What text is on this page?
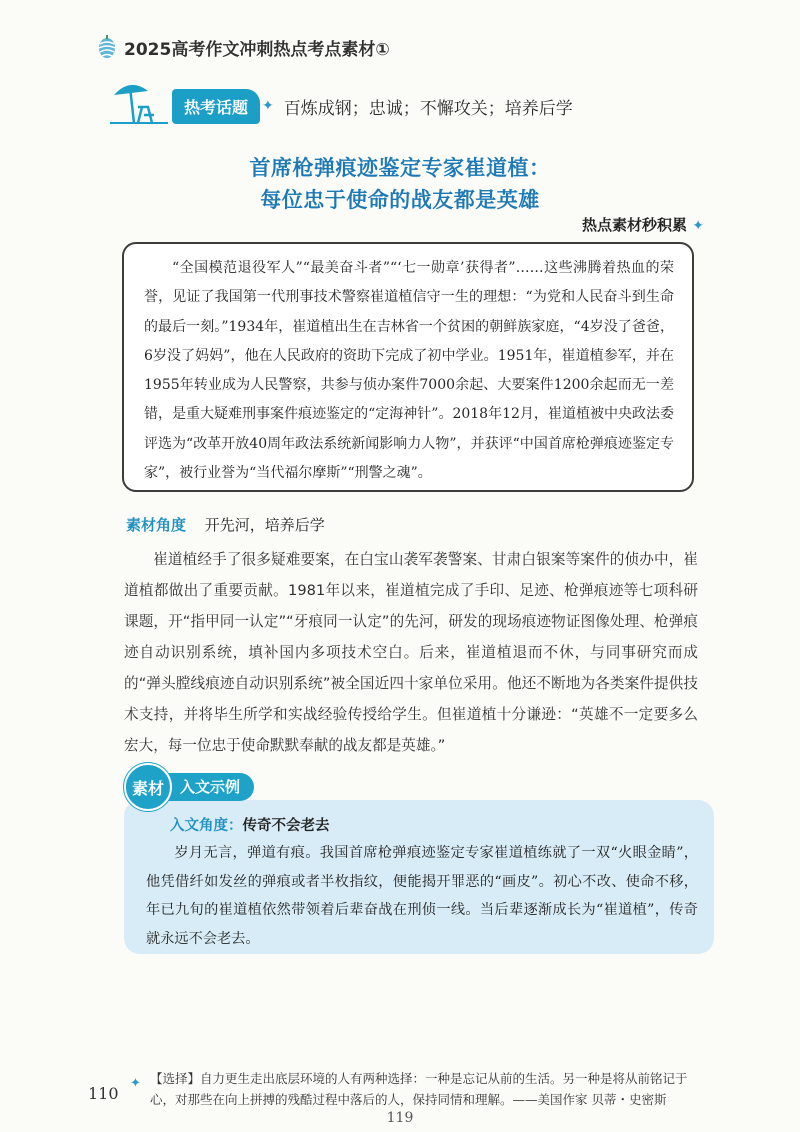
2025高考作文冲刺热点考点素材①
热考话题	✦ 百炼成钢；忠诚；不懈攻关；培养后学
首席枪弹痕迹鉴定专家崔道植：
每位忠于使命的战友都是英雄
热点素材秒积累 ✦

“全国模范退役军人”“最美奋斗者”“‘七一勋章’获得者”……这些沸腾着热血的荣誉，见证了我国第一代刑事技术警察崔道植信守一生的理想：“为党和人民奋斗到生命的最后一刻。”1934年，崔道植出生在吉林省一个贫困的朝鲜族家庭，“4岁没了爸爸，6岁没了妈妈”，他在人民政府的资助下完成了初中学业。1951年，崔道植参军，并在1955年转业成为人民警察，共参与侦办案件7000余起、大要案件1200余起而无一差错，是重大疑难刑事案件痕迹鉴定的“定海神针”。2018年12月，崔道植被中央政法委评选为“改革开放40周年政法系统新闻影响力人物”，并获评“中国首席枪弹痕迹鉴定专家”，被行业誉为“当代福尔摩斯”“刑警之魂”。

素材角度 开先河，培养后学

崔道植经手了很多疑难要案，在白宝山袭军袭警案、甘肃白银案等案件的侦办中，崔道植都做出了重要贡献。1981年以来，崔道植完成了手印、足迹、枪弹痕迹等七项科研课题，开“指甲同一认定”“牙痕同一认定”的先河，研发的现场痕迹物证图像处理、枪弹痕迹自动识别系统，填补国内多项技术空白。后来，崔道植退而不休，与同事研究而成的“弹头膛线痕迹自动识别系统”被全国近四十家单位采用。他还不断地为各类案件提供技术支持，并将毕生所学和实战经验传授给学生。但崔道植十分谦逊：“英雄不一定要多么宏大，每一位忠于使命默默奉献的战友都是英雄。”

入文角度：传奇不会老去

岁月无言，弹道有痕。我国首席枪弹痕迹鉴定专家崔道植练就了一双“火眼金睛”，他凭借纤如发丝的弹痕或者半枚指纹，便能揭开罪恶的“画皮”。初心不改、使命不移，年已九旬的崔道植依然带领着后辈奋战在刑侦一线。当后辈逐渐成长为“崔道植”，传奇就永远不会老去。

素材	入文示例
110
✦ 【选择】自力更生走出底层环境的人有两种选择：一种是忘记从前的生活。另一种是将从前铭记于心，对那些在向上拼搏的残酷过程中落后的人，保持同情和理解。——美国作家 贝蒂・史密斯

119
